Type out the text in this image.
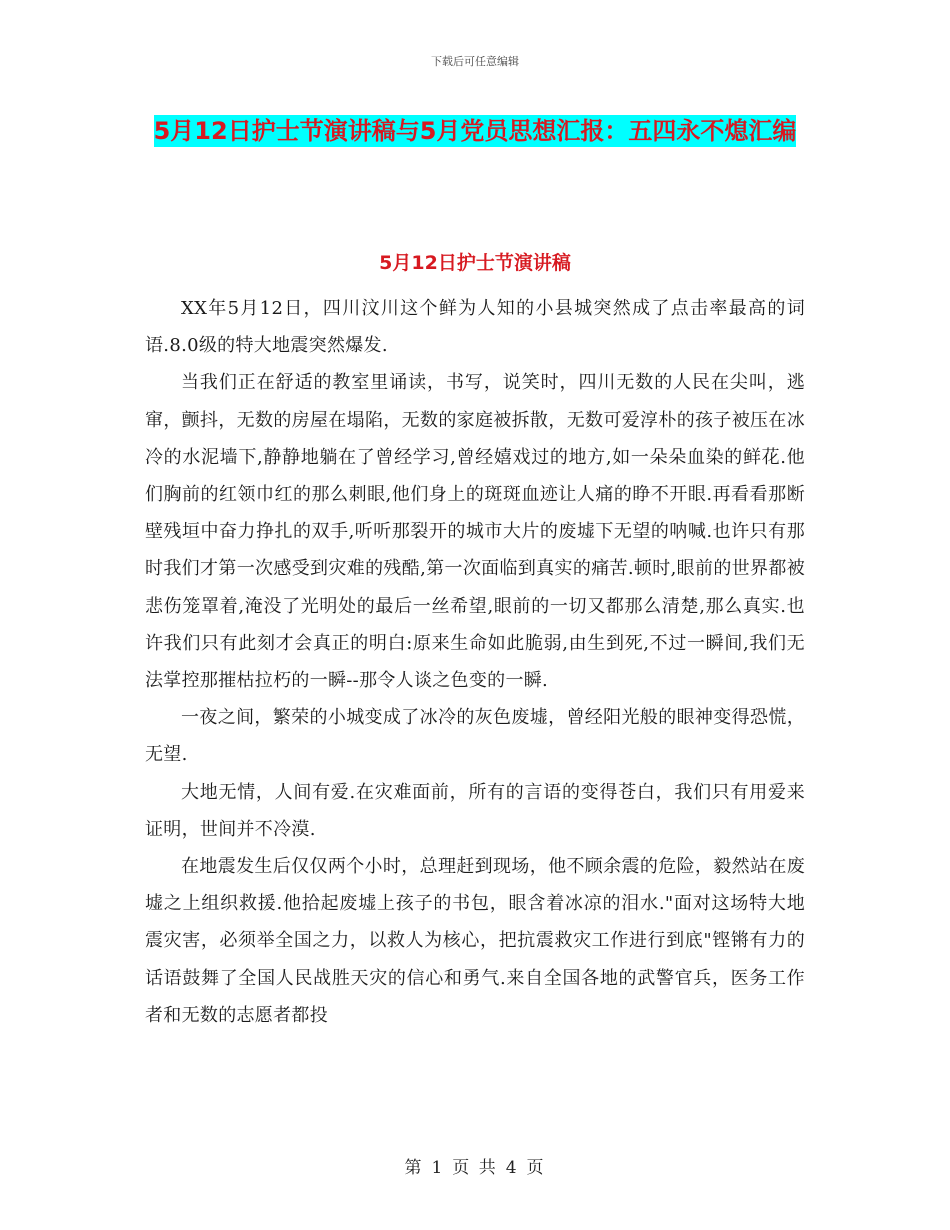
下载后可任意编辑
5月12日护士节演讲稿与5月党员思想汇报：五四永不熄汇编
5月12日护士节演讲稿

XX年5月12日，四川汶川这个鲜为人知的小县城突然成了点击率最高的词语.8.0级的特大地震突然爆发.

当我们正在舒适的教室里诵读，书写，说笑时，四川无数的人民在尖叫，逃窜，颤抖，无数的房屋在塌陷，无数的家庭被拆散，无数可爱淳朴的孩子被压在冰冷的水泥墙下,静静地躺在了曾经学习,曾经嬉戏过的地方,如一朵朵血染的鲜花.他们胸前的红领巾红的那么刺眼,他们身上的斑斑血迹让人痛的睁不开眼.再看看那断壁残垣中奋力挣扎的双手,听听那裂开的城市大片的废墟下无望的呐喊.也许只有那时我们才第一次感受到灾难的残酷,第一次面临到真实的痛苦.顿时,眼前的世界都被悲伤笼罩着,淹没了光明处的最后一丝希望,眼前的一切又都那么清楚,那么真实.也许我们只有此刻才会真正的明白:原来生命如此脆弱,由生到死,不过一瞬间,我们无法掌控那摧枯拉朽的一瞬--那令人谈之色变的一瞬.

一夜之间，繁荣的小城变成了冰冷的灰色废墟，曾经阳光般的眼神变得恐慌，无望.

大地无情，人间有爱.在灾难面前，所有的言语的变得苍白，我们只有用爱来证明，世间并不冷漠.

在地震发生后仅仅两个小时，总理赶到现场，他不顾余震的危险，毅然站在废墟之上组织救援.他拾起废墟上孩子的书包，眼含着冰凉的泪水."面对这场特大地震灾害，必须举全国之力，以救人为核心，把抗震救灾工作进行到底"铿锵有力的话语鼓舞了全国人民战胜天灾的信心和勇气.来自全国各地的武警官兵，医务工作者和无数的志愿者都投

第 1 页 共 4 页
